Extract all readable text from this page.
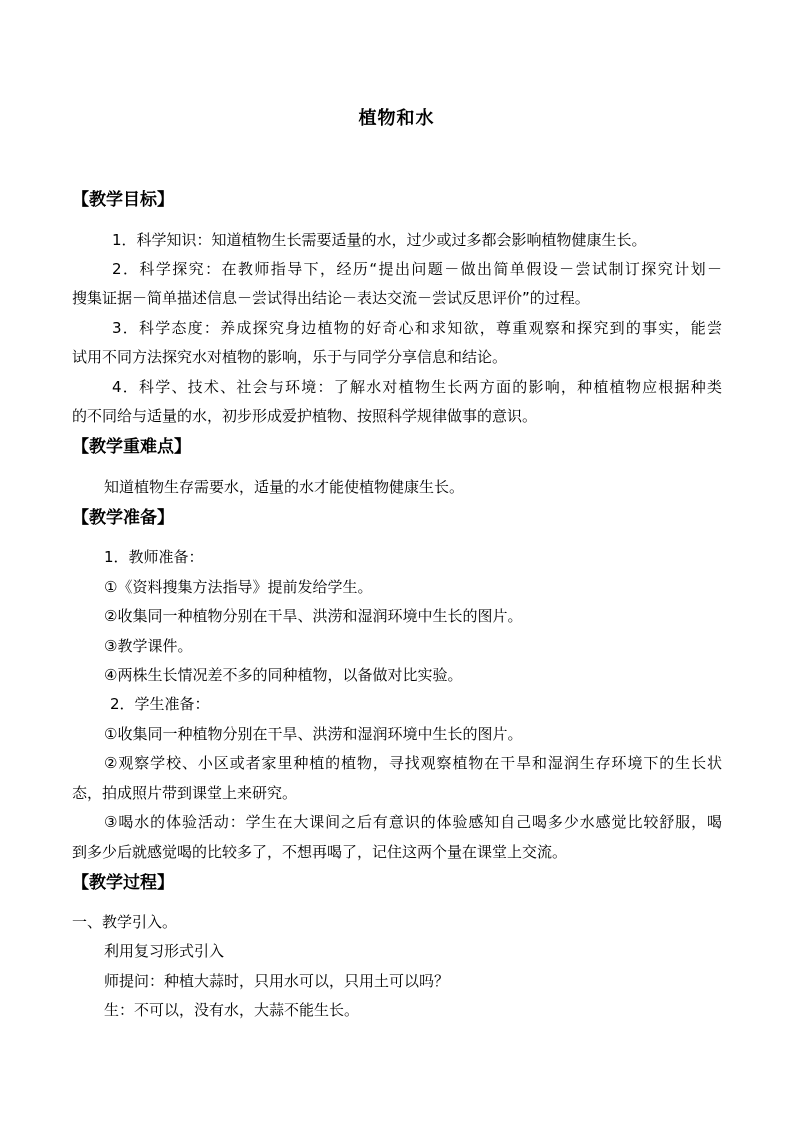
植物和水
【教学目标】
1．科学知识：知道植物生长需要适量的水，过少或过多都会影响植物健康生长。
2．科学探究：在教师指导下，经历“提出问题－做出简单假设－尝试制订探究计划－
搜集证据－简单描述信息－尝试得出结论－表达交流－尝试反思评价”的过程。
3．科学态度：养成探究身边植物的好奇心和求知欲，尊重观察和探究到的事实，能尝
试用不同方法探究水对植物的影响，乐于与同学分享信息和结论。
4．科学、技术、社会与环境：了解水对植物生长两方面的影响，种植植物应根据种类
的不同给与适量的水，初步形成爱护植物、按照科学规律做事的意识。
【教学重难点】
知道植物生存需要水，适量的水才能使植物健康生长。
【教学准备】
1．教师准备：
①《资料搜集方法指导》提前发给学生。
②收集同一种植物分别在干旱、洪涝和湿润环境中生长的图片。
③教学课件。
④两株生长情况差不多的同种植物，以备做对比实验。
2．学生准备：
①收集同一种植物分别在干旱、洪涝和湿润环境中生长的图片。
②观察学校、小区或者家里种植的植物，寻找观察植物在干旱和湿润生存环境下的生长状
态，拍成照片带到课堂上来研究。
③喝水的体验活动：学生在大课间之后有意识的体验感知自己喝多少水感觉比较舒服，喝
到多少后就感觉喝的比较多了，不想再喝了，记住这两个量在课堂上交流。
【教学过程】
一、教学引入。
利用复习形式引入
师提问：种植大蒜时，只用水可以，只用土可以吗？
生：不可以，没有水，大蒜不能生长。
